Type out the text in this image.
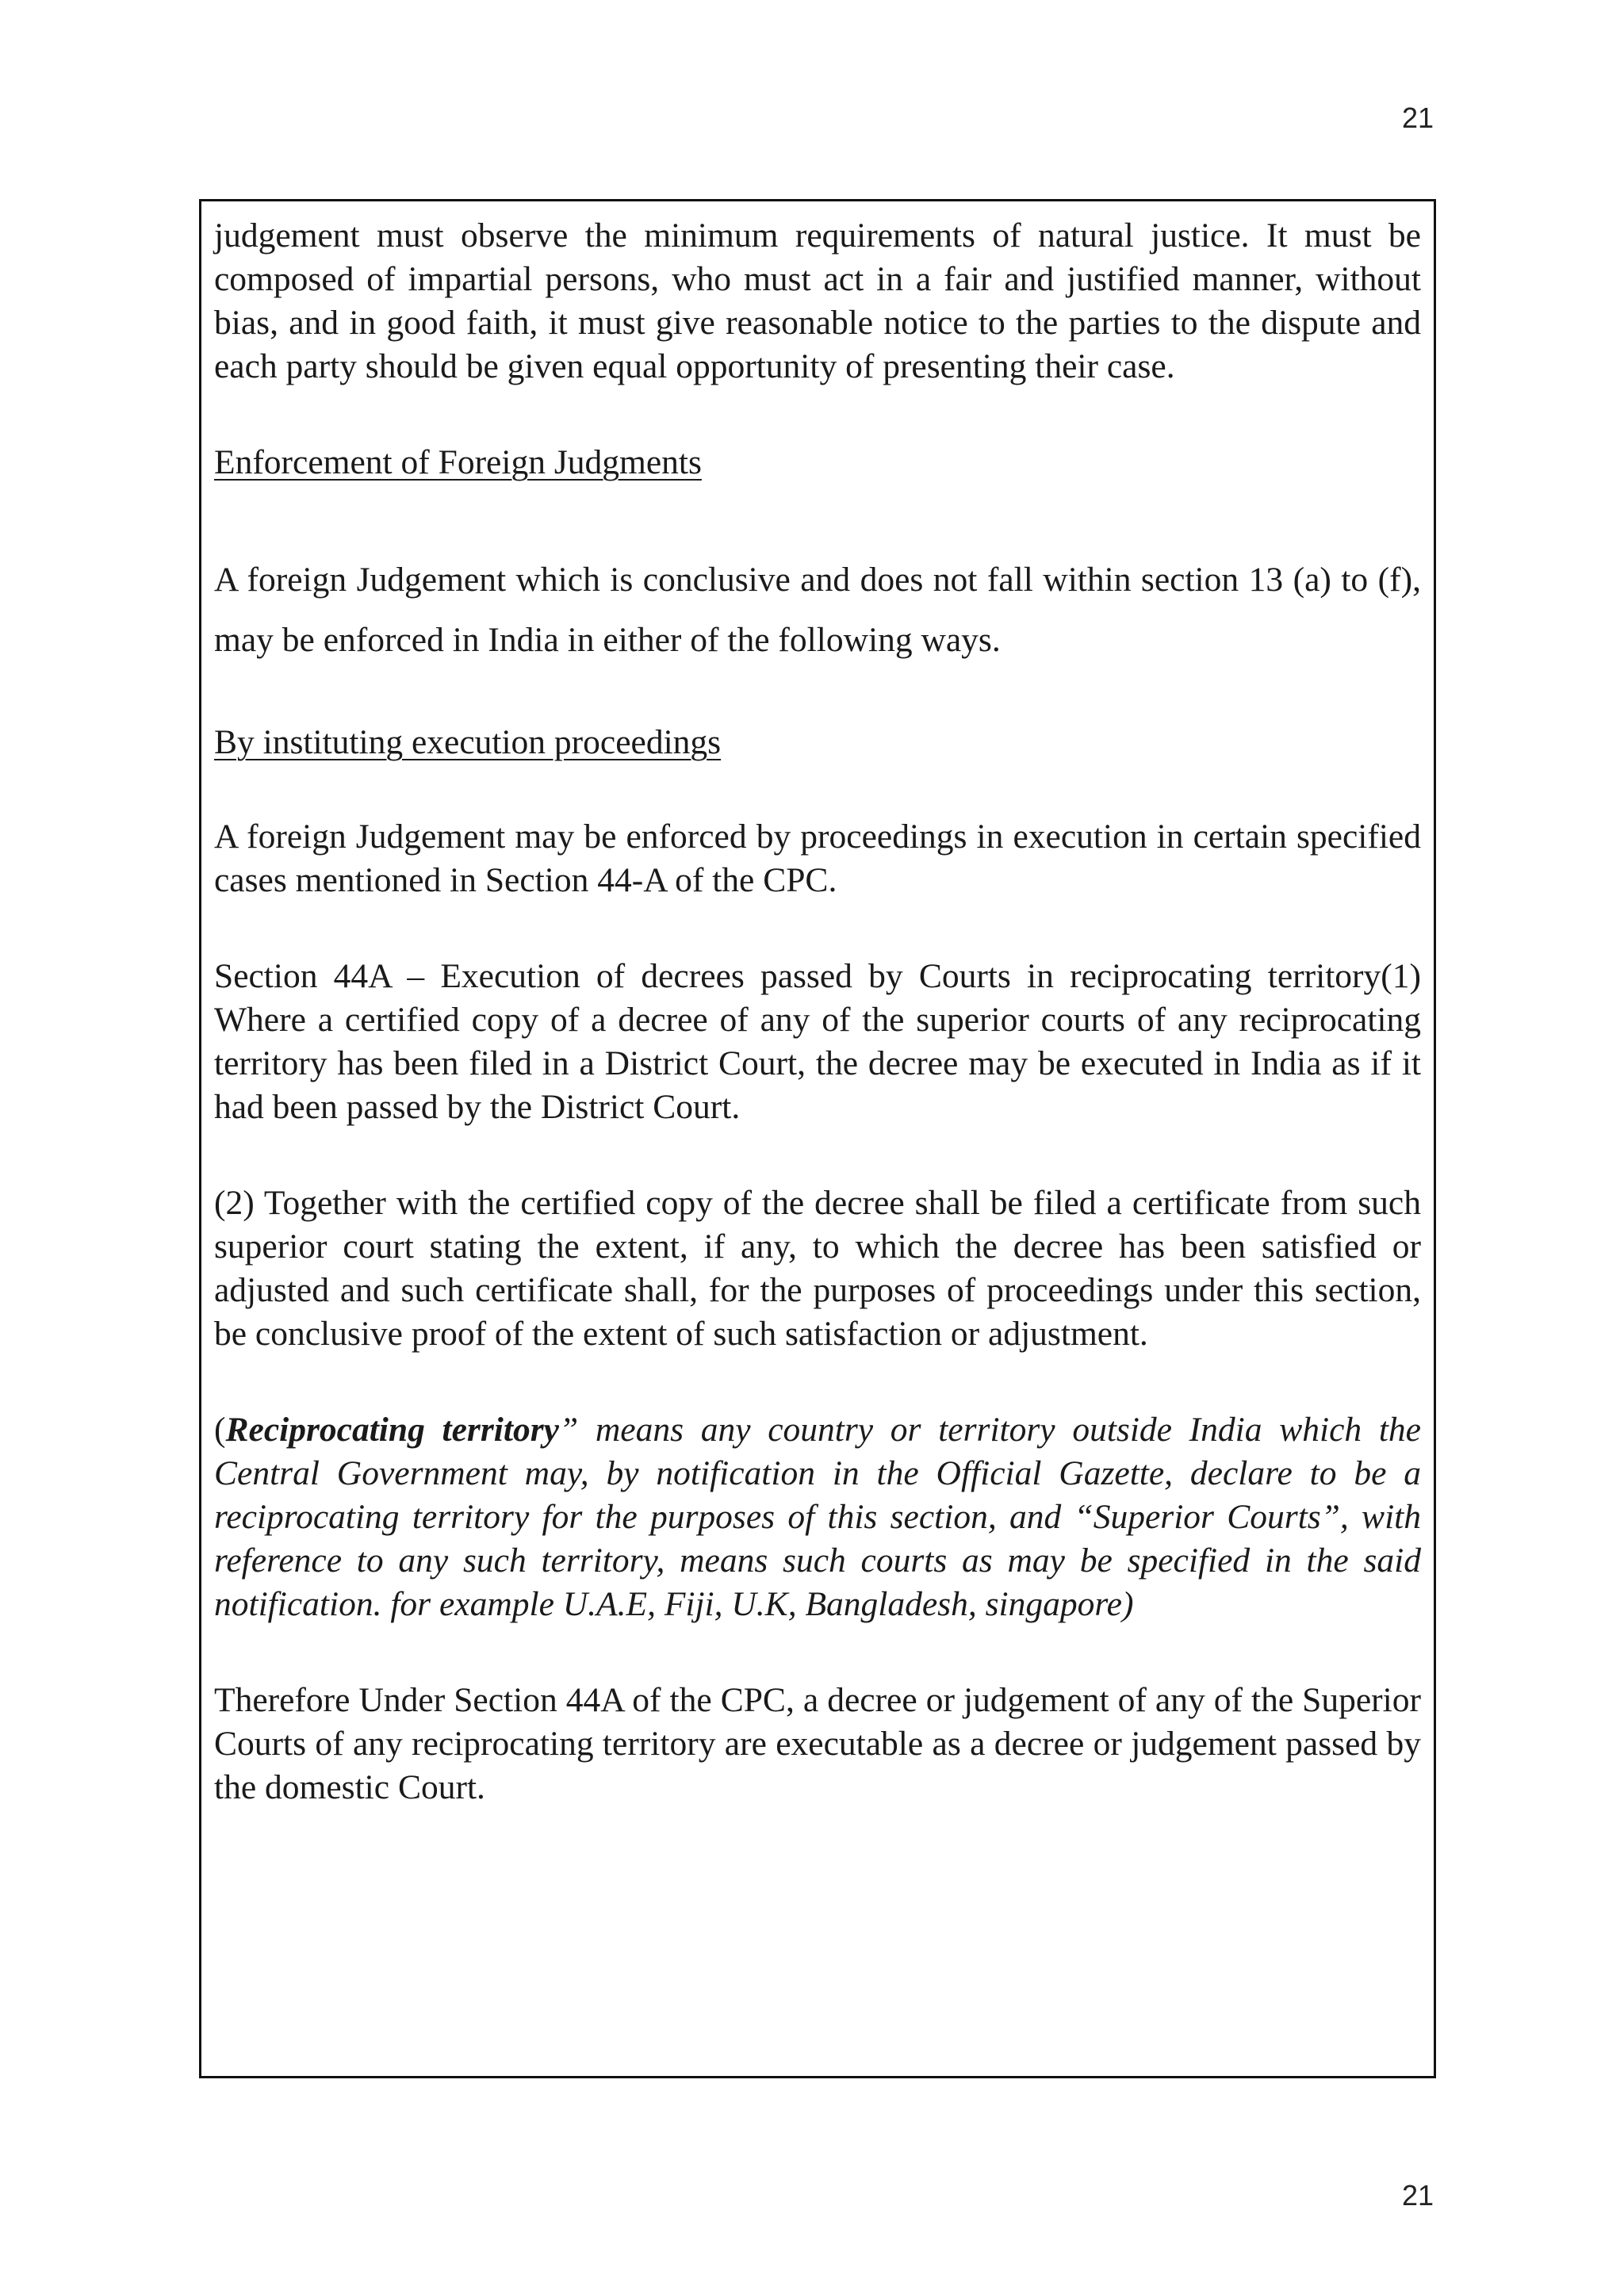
21

judgement must observe the minimum requirements of natural justice. It must be composed of impartial persons, who must act in a fair and justified manner, without bias, and in good faith, it must give reasonable notice to the parties to the dispute and each party should be given equal opportunity of presenting their case.

Enforcement of Foreign Judgments

A foreign Judgement which is conclusive and does not fall within section 13 (a) to (f), may be enforced in India in either of the following ways.

By instituting execution proceedings

A foreign Judgement may be enforced by proceedings in execution in certain specified cases mentioned in Section 44-A of the CPC.

Section 44A – Execution of decrees passed by Courts in reciprocating territory(1) Where a certified copy of a decree of any of the superior courts of any reciprocating territory has been filed in a District Court, the decree may be executed in India as if it had been passed by the District Court.

(2) Together with the certified copy of the decree shall be filed a certificate from such superior court stating the extent, if any, to which the decree has been satisfied or adjusted and such certificate shall, for the purposes of proceedings under this section, be conclusive proof of the extent of such satisfaction or adjustment.

(Reciprocating territory” means any country or territory outside India which the Central Government may, by notification in the Official Gazette, declare to be a reciprocating territory for the purposes of this section, and “Superior Courts”, with reference to any such territory, means such courts as may be specified in the said notification. for example U.A.E, Fiji, U.K, Bangladesh, singapore)

Therefore Under Section 44A of the CPC, a decree or judgement of any of the Superior Courts of any reciprocating territory are executable as a decree or judgement passed by the domestic Court.

21
